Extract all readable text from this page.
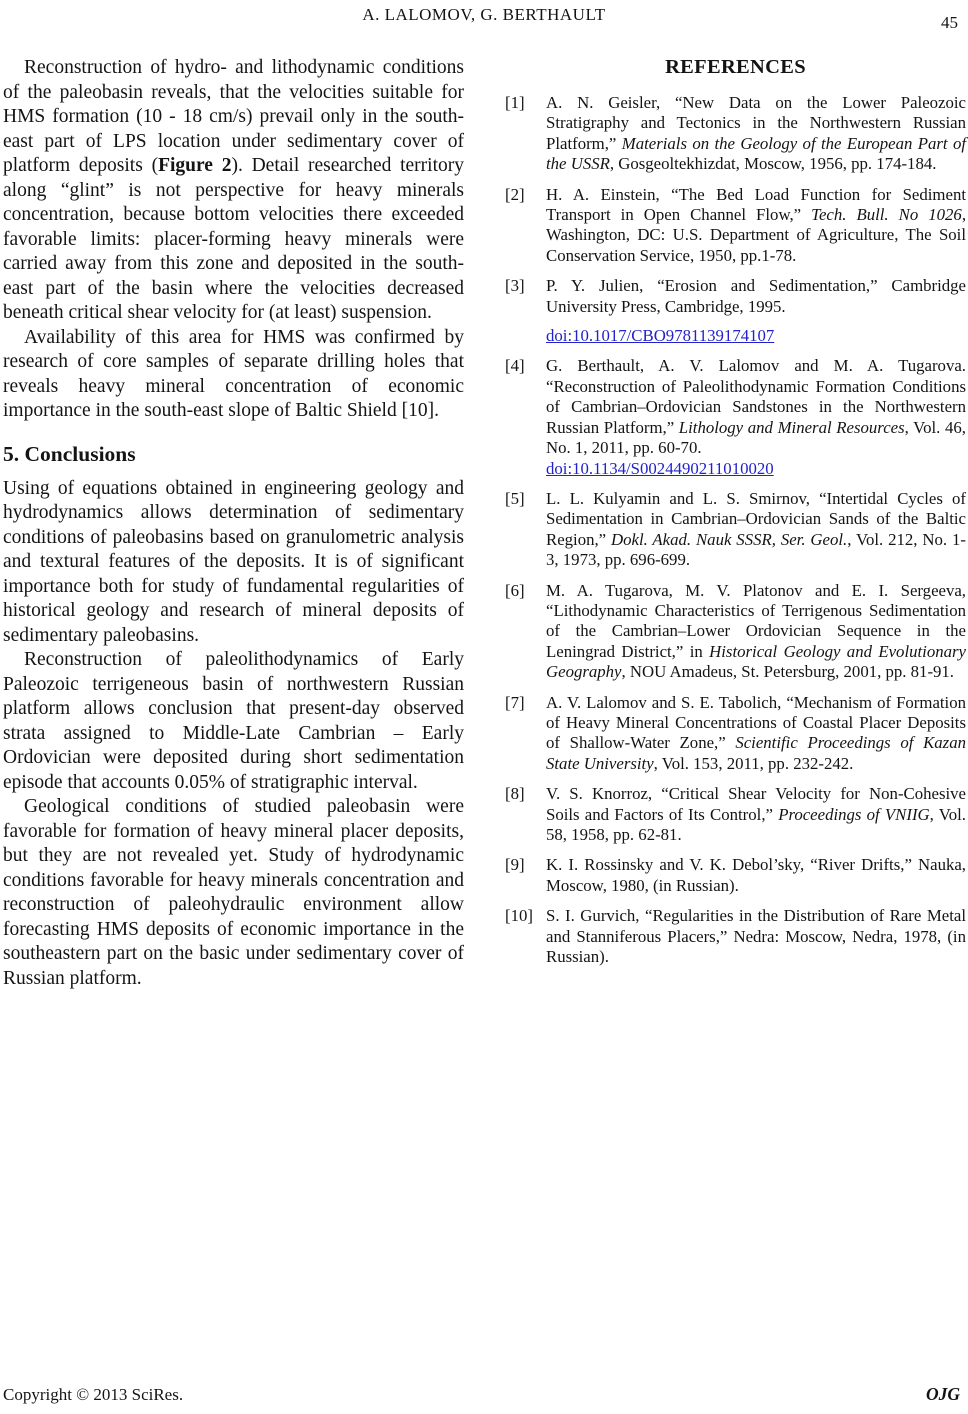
A. LALOMOV, G. BERTHAULT	45

Reconstruction of hydro- and lithodynamic conditions of the paleobasin reveals, that the velocities suitable for HMS formation (10 - 18 cm/s) prevail only in the south-east part of LPS location under sedimentary cover of platform deposits (Figure 2). Detail researched territory along “glint” is not perspective for heavy minerals concentration, because bottom velocities there exceeded favorable limits: placer-forming heavy minerals were carried away from this zone and deposited in the south-east part of the basin where the velocities decreased beneath critical shear velocity for (at least) suspension.

Availability of this area for HMS was confirmed by research of core samples of separate drilling holes that reveals heavy mineral concentration of economic importance in the south-east slope of Baltic Shield [10].

5. Conclusions

Using of equations obtained in engineering geology and hydrodynamics allows determination of sedimentary conditions of paleobasins based on granulometric analysis and textural features of the deposits. It is of significant importance both for study of fundamental regularities of historical geology and research of mineral deposits of sedimentary paleobasins.

Reconstruction of paleolithodynamics of Early Paleozoic terrigeneous basin of northwestern Russian platform allows conclusion that present-day observed strata assigned to Middle-Late Cambrian – Early Ordovician were deposited during short sedimentation episode that accounts 0.05% of stratigraphic interval.

Geological conditions of studied paleobasin were favorable for formation of heavy mineral placer deposits, but they are not revealed yet. Study of hydrodynamic conditions favorable for heavy minerals concentration and reconstruction of paleohydraulic environment allow forecasting HMS deposits of economic importance in the southeastern part on the basic under sedimentary cover of Russian platform.

REFERENCES
[1]	A. N. Geisler, “New Data on the Lower Paleozoic Stratigraphy and Tectonics in the Northwestern Russian Platform,” Materials on the Geology of the European Part of the USSR, Gosgeoltekhizdat, Moscow, 1956, pp. 174-184.
[2]	H. A. Einstein, “The Bed Load Function for Sediment Transport in Open Channel Flow,” Tech. Bull. No 1026, Washington, DC: U.S. Department of Agriculture, The Soil Conservation Service, 1950, pp.1-78.
[3]	P. Y. Julien, “Erosion and Sedimentation,” Cambridge University Press, Cambridge, 1995.
doi:10.1017/CBO9781139174107
[4]	G. Berthault, A. V. Lalomov and M. A. Tugarova. “Reconstruction of Paleolithodynamic Formation Conditions of Cambrian–Ordovician Sandstones in the Northwestern Russian Platform,” Lithology and Mineral Resources, Vol. 46, No. 1, 2011, pp. 60-70.
doi:10.1134/S0024490211010020
[5]	L. L. Kulyamin and L. S. Smirnov, “Intertidal Cycles of Sedimentation in Cambrian–Ordovician Sands of the Baltic Region,” Dokl. Akad. Nauk SSSR, Ser. Geol., Vol. 212, No. 1-3, 1973, pp. 696-699.
[6]	M. A. Tugarova, M. V. Platonov and E. I. Sergeeva, “Lithodynamic Characteristics of Terrigenous Sedimentation of the Cambrian–Lower Ordovician Sequence in the Leningrad District,” in Historical Geology and Evolutionary Geography, NOU Amadeus, St. Petersburg, 2001, pp. 81-91.
[7]	A. V. Lalomov and S. E. Tabolich, “Mechanism of Formation of Heavy Mineral Concentrations of Coastal Placer Deposits of Shallow-Water Zone,” Scientific Proceedings of Kazan State University, Vol. 153, 2011, pp. 232-242.
[8]	V. S. Knorroz, “Critical Shear Velocity for Non-Cohesive Soils and Factors of Its Control,” Proceedings of VNIIG, Vol. 58, 1958, pp. 62-81.
[9]	K. I. Rossinsky and V. K. Debol’sky, “River Drifts,” Nauka, Moscow, 1980, (in Russian).
[10] S. I. Gurvich, “Regularities in the Distribution of Rare Metal and Stanniferous Placers,” Nedra: Moscow, Nedra, 1978, (in Russian).
Copyright © 2013 SciRes.	OJG
